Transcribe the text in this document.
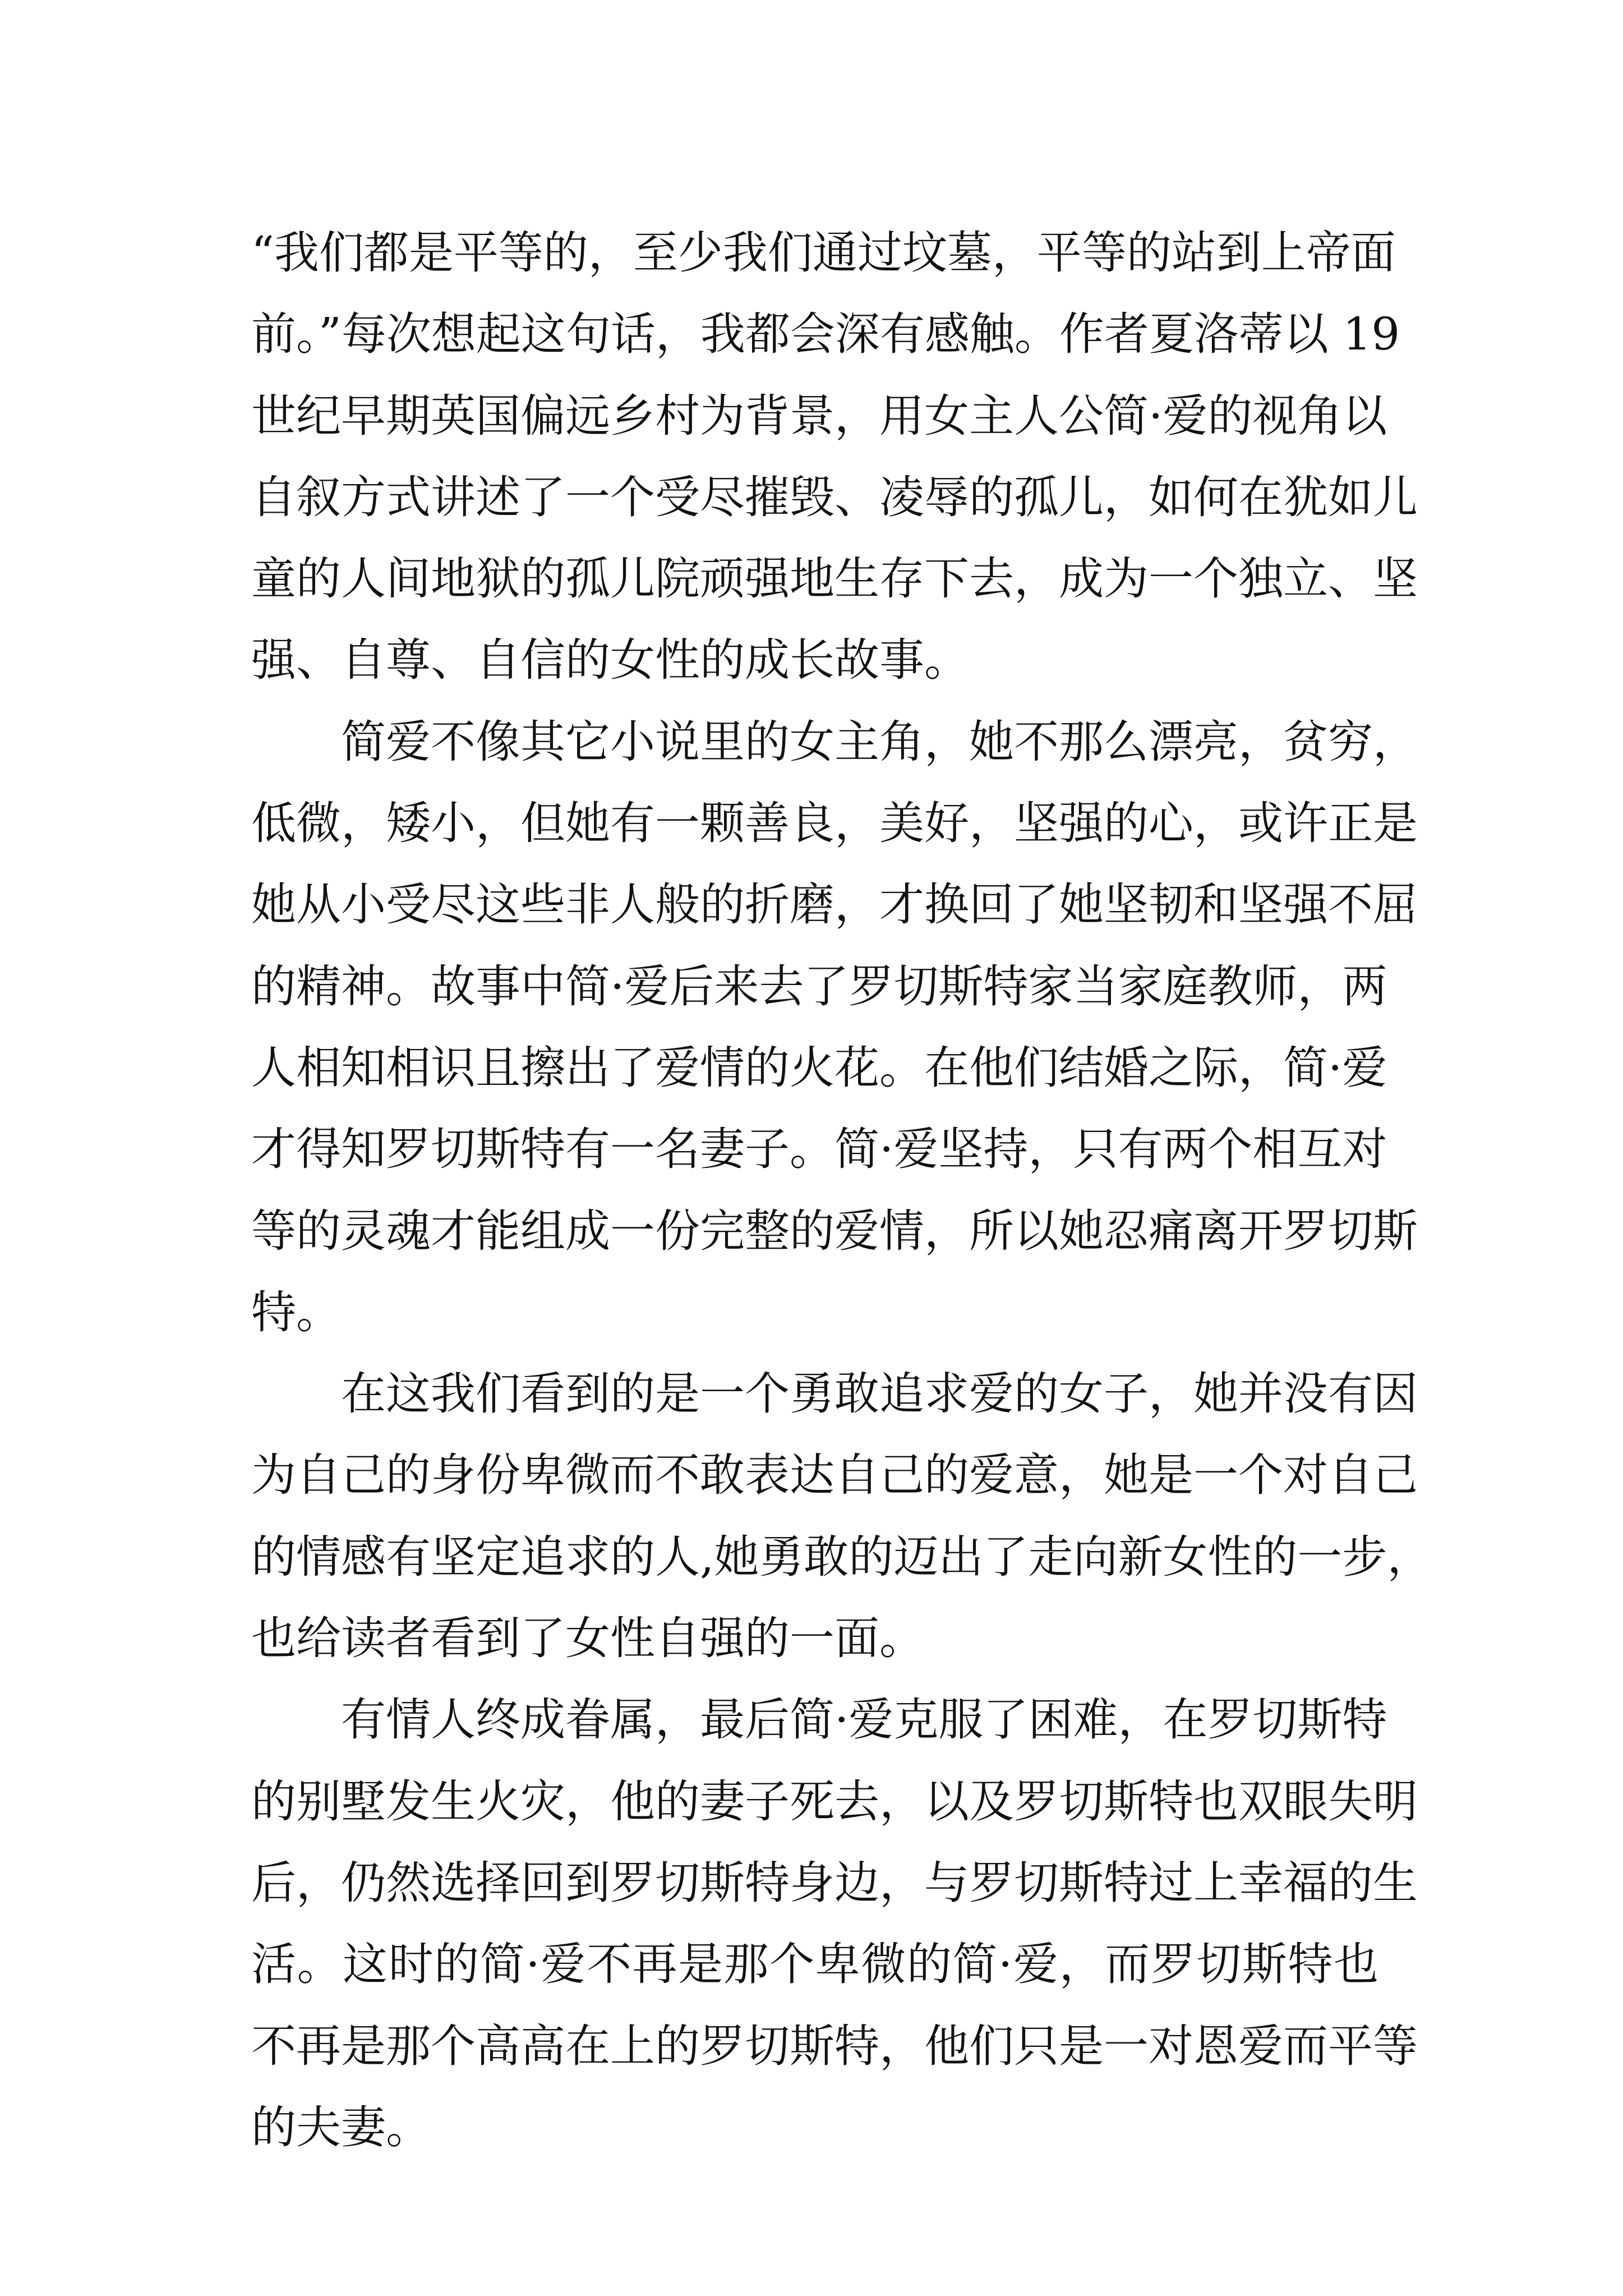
“我们都是平等的，至少我们通过坟墓，平等的站到上帝面
前。”每次想起这句话，我都会深有感触。作者夏洛蒂以 19
世纪早期英国偏远乡村为背景，用女主人公简·爱的视角以
自叙方式讲述了一个受尽摧毁、凌辱的孤儿，如何在犹如儿
童的人间地狱的孤儿院顽强地生存下去，成为一个独立、坚
强、自尊、自信的女性的成长故事。
简爱不像其它小说里的女主角，她不那么漂亮，贫穷，
低微，矮小，但她有一颗善良，美好，坚强的心，或许正是
她从小受尽这些非人般的折磨，才换回了她坚韧和坚强不屈
的精神。故事中简·爱后来去了罗切斯特家当家庭教师，两
人相知相识且擦出了爱情的火花。在他们结婚之际，简·爱
才得知罗切斯特有一名妻子。简·爱坚持，只有两个相互对
等的灵魂才能组成一份完整的爱情，所以她忍痛离开罗切斯
特。
在这我们看到的是一个勇敢追求爱的女子，她并没有因
为自己的身份卑微而不敢表达自己的爱意，她是一个对自己
的情感有坚定追求的人,她勇敢的迈出了走向新女性的一步，
也给读者看到了女性自强的一面。
有情人终成眷属，最后简·爱克服了困难，在罗切斯特
的别墅发生火灾，他的妻子死去，以及罗切斯特也双眼失明
后，仍然选择回到罗切斯特身边，与罗切斯特过上幸福的生
活。这时的简·爱不再是那个卑微的简·爱，而罗切斯特也
不再是那个高高在上的罗切斯特，他们只是一对恩爱而平等
的夫妻。
